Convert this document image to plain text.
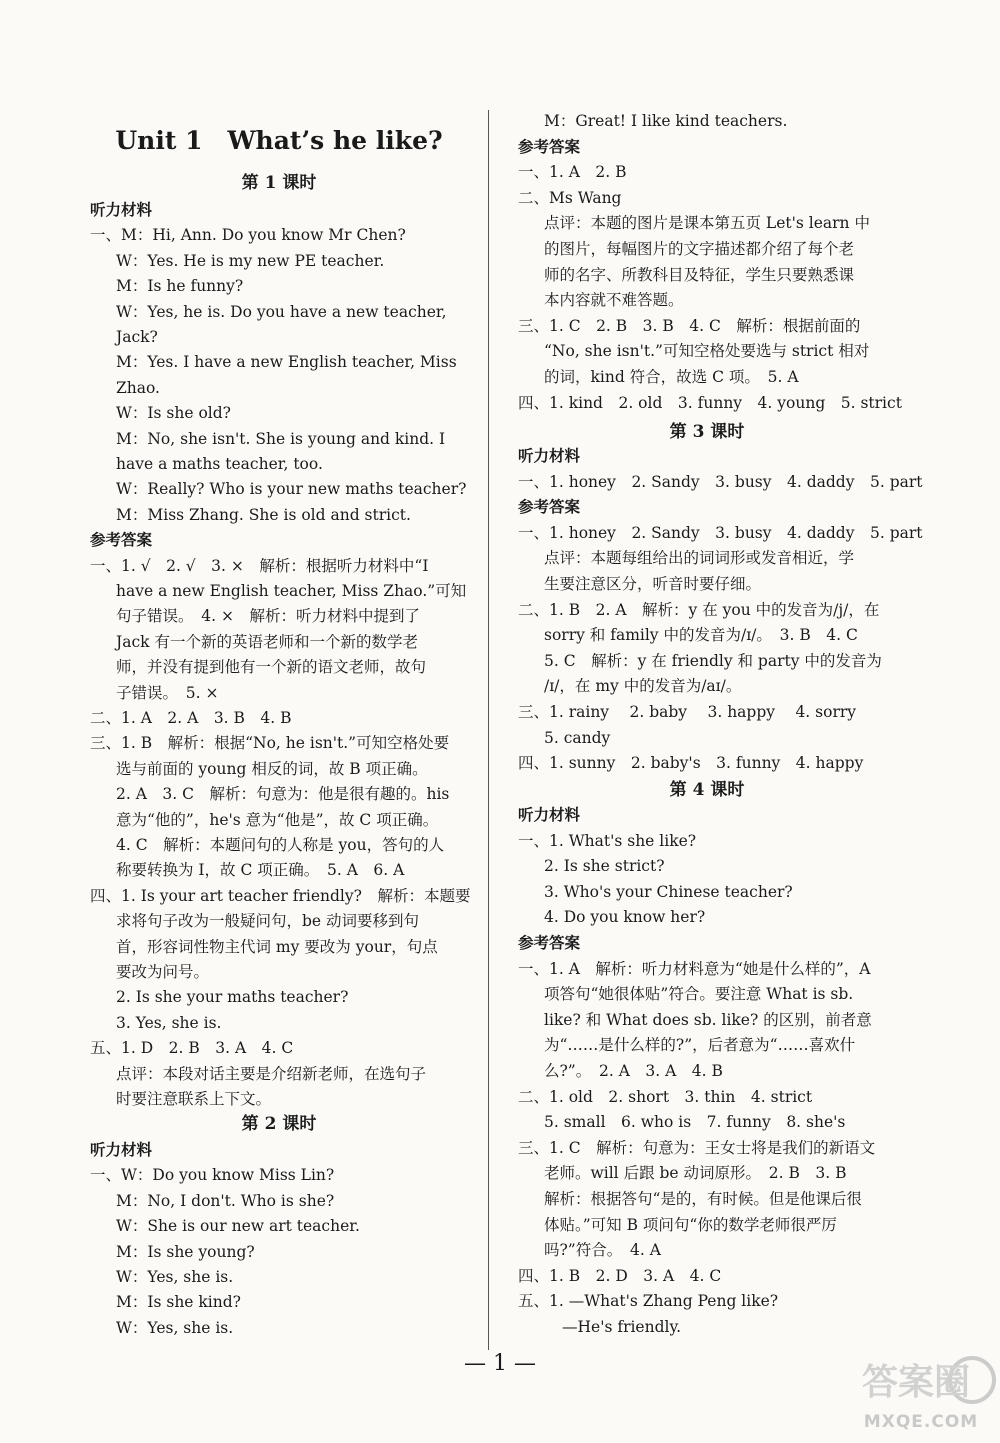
Unit 1　What’s he like?
第 1 课时
听力材料
一、M：Hi, Ann. Do you know Mr Chen?
W：Yes. He is my new PE teacher.
M：Is he funny?
W：Yes, he is. Do you have a new teacher,
Jack?
M：Yes. I have a new English teacher, Miss
Zhao.
W：Is she old?
M：No, she isn't. She is young and kind. I
have a maths teacher, too.
W：Really? Who is your new maths teacher?
M：Miss Zhang. She is old and strict.
参考答案
一、1. √　2. √　3. ×　解析：根据听力材料中“I
have a new English teacher, Miss Zhao.”可知
句子错误。　4. ×　解析：听力材料中提到了
Jack 有一个新的英语老师和一个新的数学老
师，并没有提到他有一个新的语文老师，故句
子错误。　5. ×
二、1. A　2. A　3. B　4. B
三、1. B　解析：根据“No, he isn't.”可知空格处要
选与前面的 young 相反的词，故 B 项正确。
2. A　3. C　解析：句意为：他是很有趣的。his
意为“他的”，he's 意为“他是”，故 C 项正确。
4. C　解析：本题问句的人称是 you，答句的人
称要转换为 I，故 C 项正确。　5. A　6. A
四、1. Is your art teacher friendly?　解析：本题要
求将句子改为一般疑问句，be 动词要移到句
首，形容词性物主代词 my 要改为 your，句点
要改为问号。
2. Is she your maths teacher?
3. Yes, she is.
五、1. D　2. B　3. A　4. C
点评：本段对话主要是介绍新老师，在选句子
时要注意联系上下文。
第 2 课时
听力材料
一、W：Do you know Miss Lin?
M：No, I don't. Who is she?
W：She is our new art teacher.
M：Is she young?
W：Yes, she is.
M：Is she kind?
W：Yes, she is.
M：Great! I like kind teachers.
参考答案
一、1. A　2. B
二、Ms Wang
点评：本题的图片是课本第五页 Let's learn 中
的图片，每幅图片的文字描述都介绍了每个老
师的名字、所教科目及特征，学生只要熟悉课
本内容就不难答题。
三、1. C　2. B　3. B　4. C　解析：根据前面的
“No, she isn't.”可知空格处要选与 strict 相对
的词，kind 符合，故选 C 项。　5. A
四、1. kind　2. old　3. funny　4. young　5. strict
第 3 课时
听力材料
一、1. honey　2. Sandy　3. busy　4. daddy　5. part
参考答案
一、1. honey　2. Sandy　3. busy　4. daddy　5. part
点评：本题每组给出的词词形或发音相近，学
生要注意区分，听音时要仔细。
二、1. B　2. A　解析：y 在 you 中的发音为/j/，在
sorry 和 family 中的发音为/ɪ/。　3. B　4. C
5. C　解析：y 在 friendly 和 party 中的发音为
/ɪ/，在 my 中的发音为/aɪ/。
三、1. rainy　 2. baby　 3. happy　 4. sorry
5. candy
四、1. sunny　2. baby's　3. funny　4. happy
第 4 课时
听力材料
一、1. What's she like?
2. Is she strict?
3. Who's your Chinese teacher?
4. Do you know her?
参考答案
一、1. A　解析：听力材料意为“她是什么样的”，A
项答句“她很体贴”符合。要注意 What is sb.
like? 和 What does sb. like? 的区别，前者意
为“……是什么样的?”，后者意为“……喜欢什
么?”。　2. A　3. A　4. B
二、1. old　2. short　3. thin　4. strict
5. small　6. who is　7. funny　8. she's
三、1. C　解析：句意为：王女士将是我们的新语文
老师。will 后跟 be 动词原形。　2. B　3. B
解析：根据答句“是的，有时候。但是他课后很
体贴。”可知 B 项问句“你的数学老师很严厉
吗?”符合。　4. A
四、1. B　2. D　3. A　4. C
五、1. —What's Zhang Peng like?
—He's friendly.
— 1 —	答案圈
MXQE.COM
